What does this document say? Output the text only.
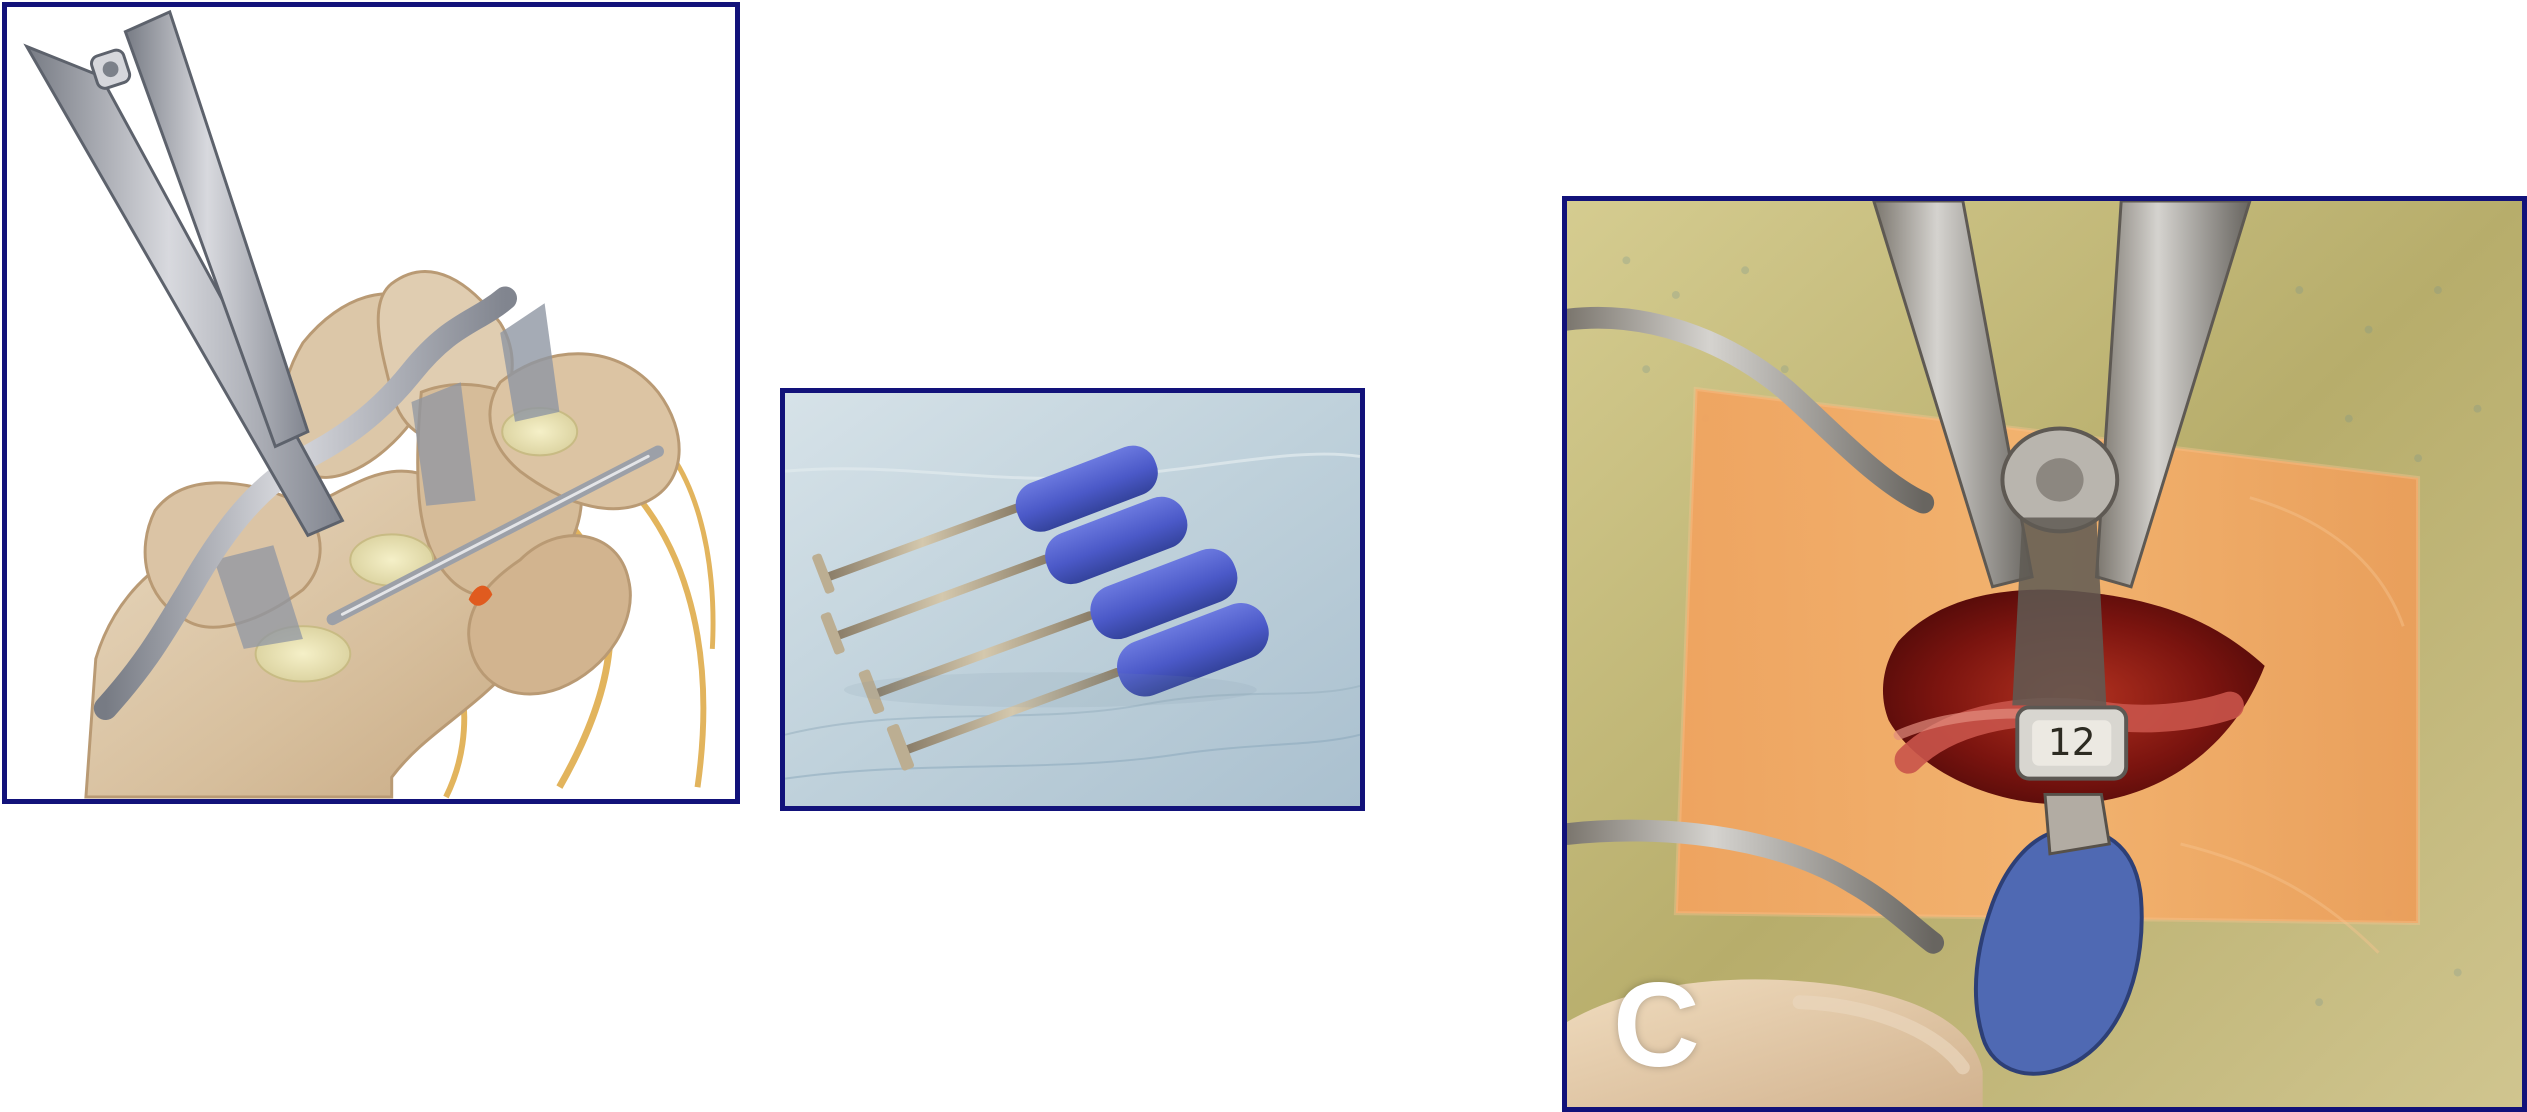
12
C
